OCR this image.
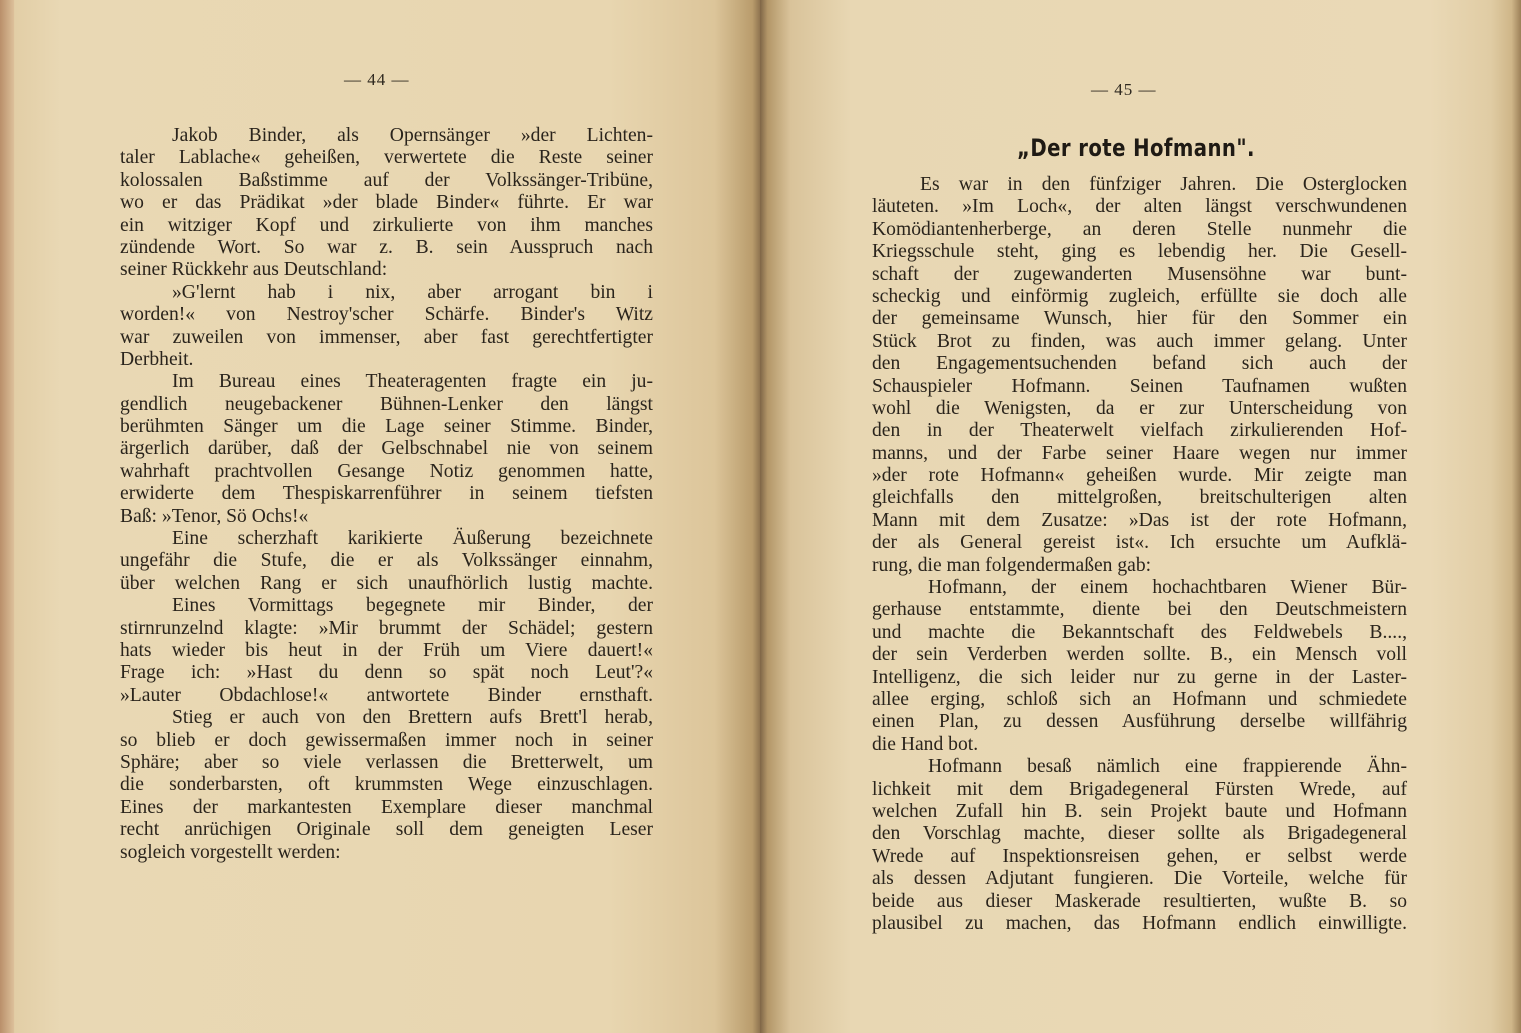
— 44 —
Jakob Binder, als Opernsänger »der Lichten-
taler Lablache« geheißen, verwertete die Reste seiner
kolossalen Baßstimme auf der Volkssänger-Tribüne,
wo er das Prädikat »der blade Binder« führte. Er war
ein witziger Kopf und zirkulierte von ihm manches
zündende Wort. So war z. B. sein Ausspruch nach
seiner Rückkehr aus Deutschland:
»G'lernt hab i nix, aber arrogant bin i
worden!« von Nestroy'scher Schärfe. Binder's Witz
war zuweilen von immenser, aber fast gerechtfertigter
Derbheit.
Im Bureau eines Theateragenten fragte ein ju-
gendlich neugebackener Bühnen-Lenker den längst
berühmten Sänger um die Lage seiner Stimme. Binder,
ärgerlich darüber, daß der Gelbschnabel nie von seinem
wahrhaft prachtvollen Gesange Notiz genommen hatte,
erwiderte dem Thespiskarrenführer in seinem tiefsten
Baß: »Tenor, Sö Ochs!«
Eine scherzhaft karikierte Äußerung bezeichnete
ungefähr die Stufe, die er als Volkssänger einnahm,
über welchen Rang er sich unaufhörlich lustig machte.
Eines Vormittags begegnete mir Binder, der
stirnrunzelnd klagte: »Mir brummt der Schädel; gestern
hats wieder bis heut in der Früh um Viere dauert!«
Frage ich: »Hast du denn so spät noch Leut'?«
»Lauter Obdachlose!« antwortete Binder ernsthaft.
Stieg er auch von den Brettern aufs Brett'l herab,
so blieb er doch gewissermaßen immer noch in seiner
Sphäre; aber so viele verlassen die Bretterwelt, um
die sonderbarsten, oft krummsten Wege einzuschlagen.
Eines der markantesten Exemplare dieser manchmal
recht anrüchigen Originale soll dem geneigten Leser
sogleich vorgestellt werden:
— 45 —
„Der rote Hofmann".
Es war in den fünfziger Jahren. Die Osterglocken
läuteten. »Im Loch«, der alten längst verschwundenen
Komödiantenherberge, an deren Stelle nunmehr die
Kriegsschule steht, ging es lebendig her. Die Gesell-
schaft der zugewanderten Musensöhne war bunt-
scheckig und einförmig zugleich, erfüllte sie doch alle
der gemeinsame Wunsch, hier für den Sommer ein
Stück Brot zu finden, was auch immer gelang. Unter
den Engagementsuchenden befand sich auch der
Schauspieler Hofmann. Seinen Taufnamen wußten
wohl die Wenigsten, da er zur Unterscheidung von
den in der Theaterwelt vielfach zirkulierenden Hof-
manns, und der Farbe seiner Haare wegen nur immer
»der rote Hofmann« geheißen wurde. Mir zeigte man
gleichfalls den mittelgroßen, breitschulterigen alten
Mann mit dem Zusatze: »Das ist der rote Hofmann,
der als General gereist ist«. Ich ersuchte um Aufklä-
rung, die man folgendermaßen gab:
Hofmann, der einem hochachtbaren Wiener Bür-
gerhause entstammte, diente bei den Deutschmeistern
und machte die Bekanntschaft des Feldwebels B....,
der sein Verderben werden sollte. B., ein Mensch voll
Intelligenz, die sich leider nur zu gerne in der Laster-
allee erging, schloß sich an Hofmann und schmiedete
einen Plan, zu dessen Ausführung derselbe willfährig
die Hand bot.
Hofmann besaß nämlich eine frappierende Ähn-
lichkeit mit dem Brigadegeneral Fürsten Wrede, auf
welchen Zufall hin B. sein Projekt baute und Hofmann
den Vorschlag machte, dieser sollte als Brigadegeneral
Wrede auf Inspektionsreisen gehen, er selbst werde
als dessen Adjutant fungieren. Die Vorteile, welche für
beide aus dieser Maskerade resultierten, wußte B. so
plausibel zu machen, das Hofmann endlich einwilligte.
